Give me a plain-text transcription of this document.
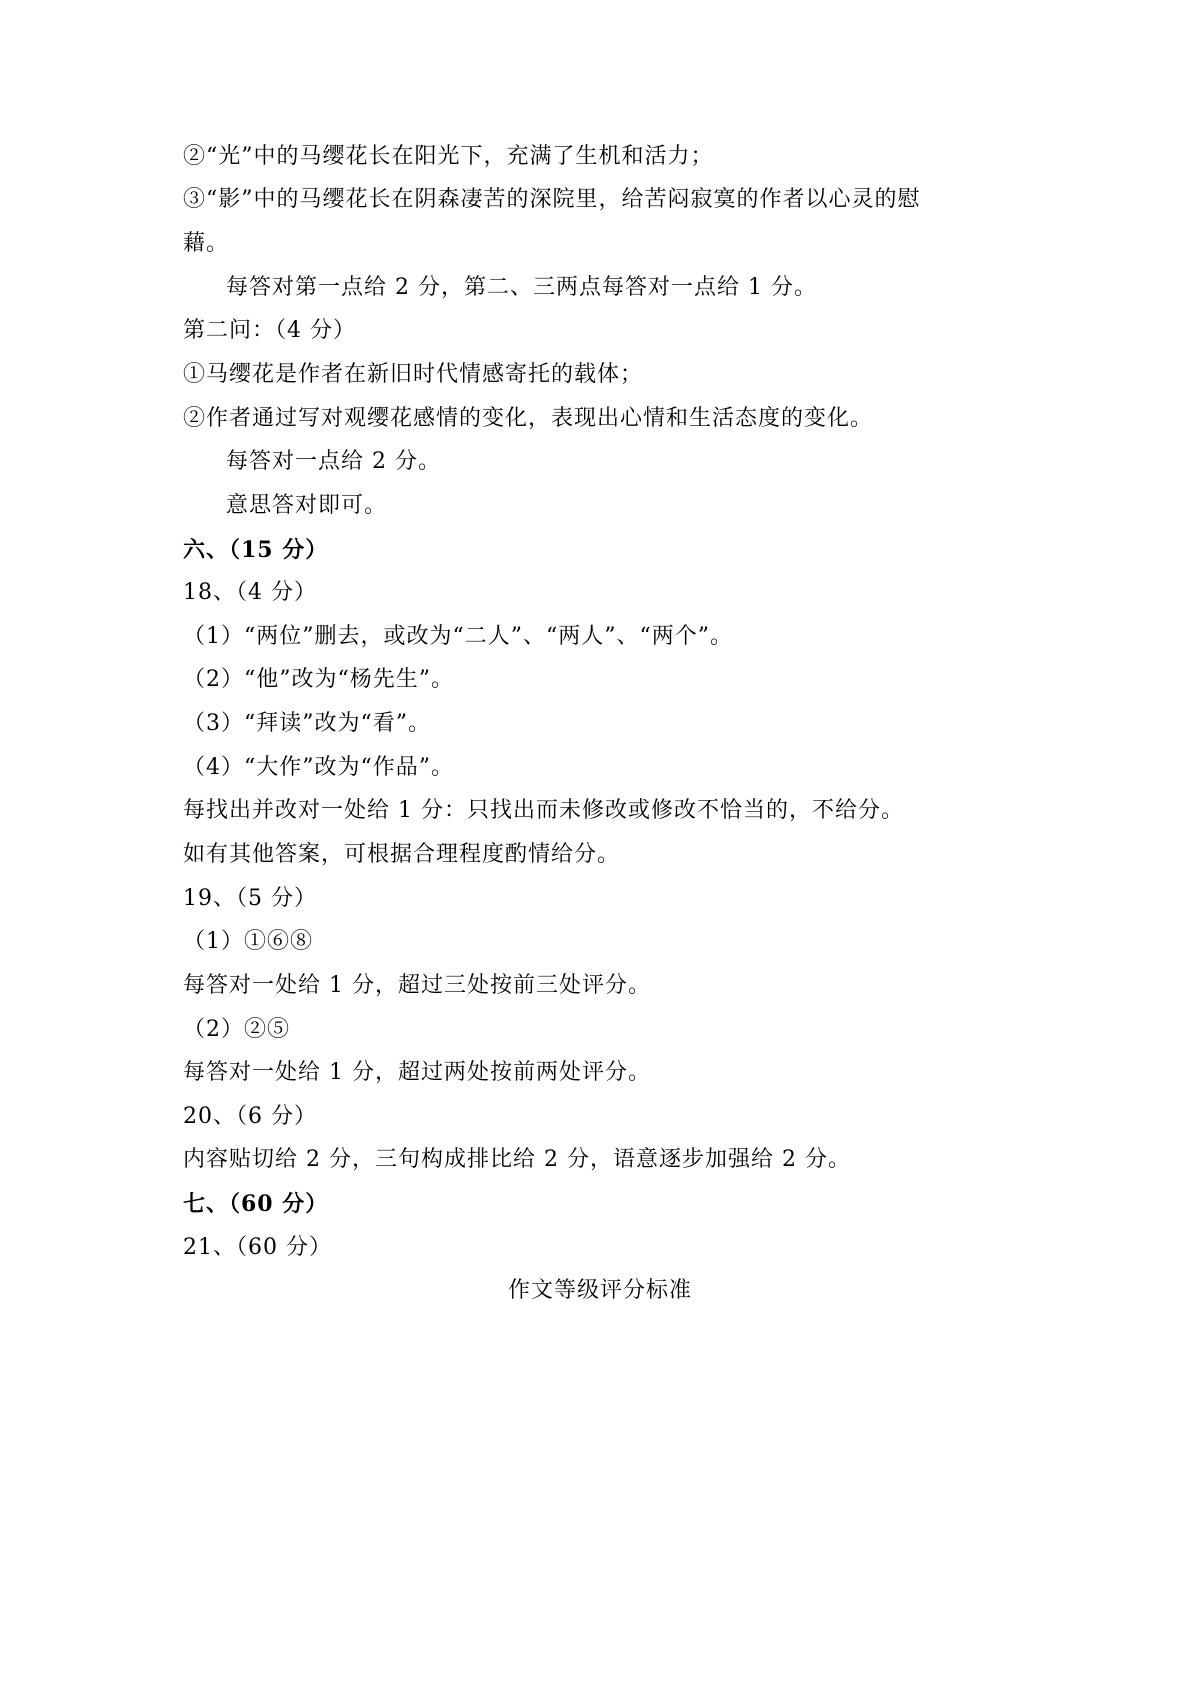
②“光”中的马缨花长在阳光下，充满了生机和活力；
③“影”中的马缨花长在阴森凄苦的深院里，给苦闷寂寞的作者以心灵的慰
藉。
每答对第一点给 2 分，第二、三两点每答对一点给 1 分。
第二问：（4 分）
①马缨花是作者在新旧时代情感寄托的载体；
②作者通过写对观缨花感情的变化，表现出心情和生活态度的变化。
每答对一点给 2 分。
意思答对即可。
六、（15 分）
18、（4 分）
（1）“两位”删去，或改为“二人”、“两人”、“两个”。
（2）“他”改为“杨先生”。
（3）“拜读”改为“看”。
（4）“大作”改为“作品”。
每找出并改对一处给 1 分：只找出而未修改或修改不恰当的，不给分。
如有其他答案，可根据合理程度酌情给分。
19、（5 分）
（1）①⑥⑧
每答对一处给 1 分，超过三处按前三处评分。
（2）②⑤
每答对一处给 1 分，超过两处按前两处评分。
20、（6 分）
内容贴切给 2 分，三句构成排比给 2 分，语意逐步加强给 2 分。
七、（60 分）
21、（60 分）
作文等级评分标准
